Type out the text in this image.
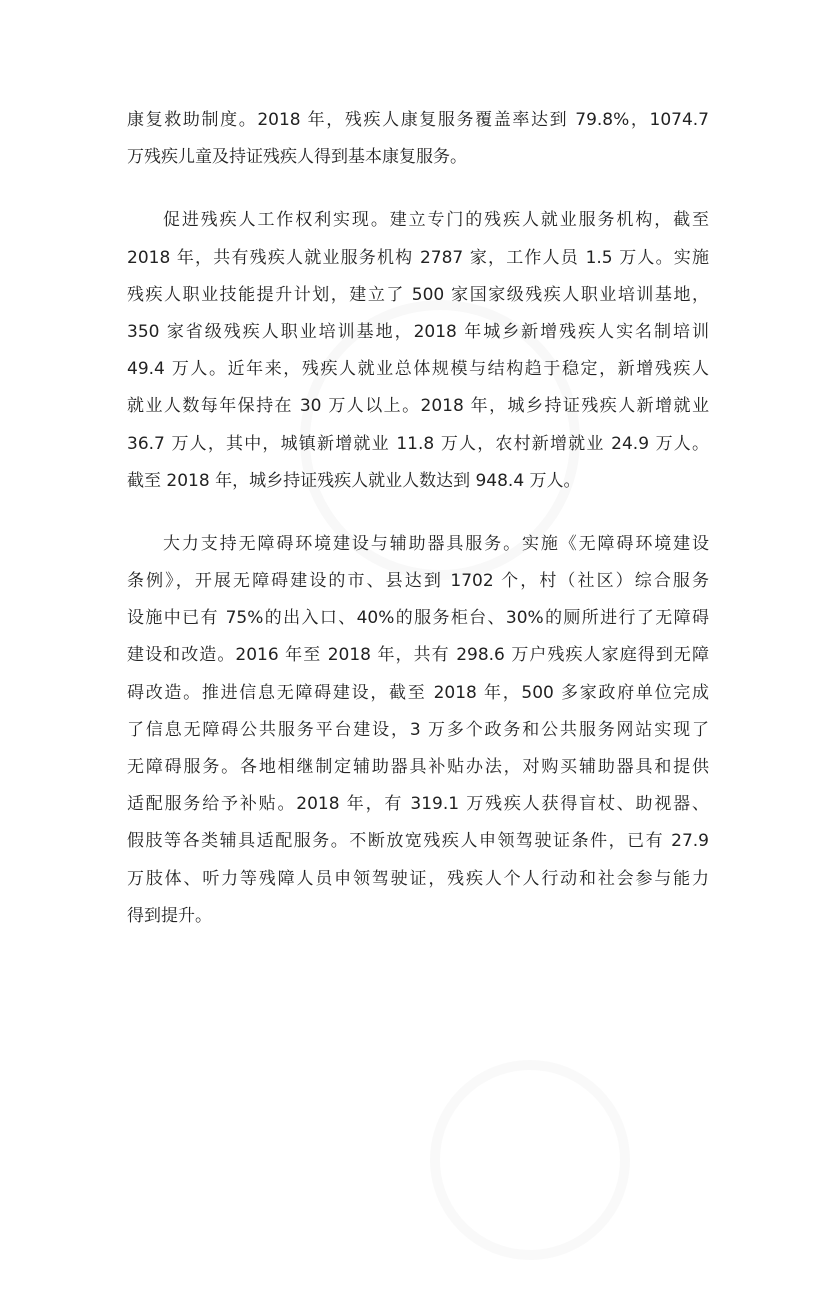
康复救助制度。2018 年，残疾人康复服务覆盖率达到 79.8%，1074.7
万残疾儿童及持证残疾人得到基本康复服务。
促进残疾人工作权利实现。建立专门的残疾人就业服务机构，截至
2018 年，共有残疾人就业服务机构 2787 家，工作人员 1.5 万人。实施
残疾人职业技能提升计划，建立了 500 家国家级残疾人职业培训基地，
350 家省级残疾人职业培训基地，2018 年城乡新增残疾人实名制培训
49.4 万人。近年来，残疾人就业总体规模与结构趋于稳定，新增残疾人
就业人数每年保持在 30 万人以上。2018 年，城乡持证残疾人新增就业
36.7 万人，其中，城镇新增就业 11.8 万人，农村新增就业 24.9 万人。
截至 2018 年，城乡持证残疾人就业人数达到 948.4 万人。
大力支持无障碍环境建设与辅助器具服务。实施《无障碍环境建设
条例》，开展无障碍建设的市、县达到 1702 个，村（社区）综合服务
设施中已有 75%的出入口、40%的服务柜台、30%的厕所进行了无障碍
建设和改造。2016 年至 2018 年，共有 298.6 万户残疾人家庭得到无障
碍改造。推进信息无障碍建设，截至 2018 年，500 多家政府单位完成
了信息无障碍公共服务平台建设，3 万多个政务和公共服务网站实现了
无障碍服务。各地相继制定辅助器具补贴办法，对购买辅助器具和提供
适配服务给予补贴。2018 年，有 319.1 万残疾人获得盲杖、助视器、
假肢等各类辅具适配服务。不断放宽残疾人申领驾驶证条件，已有 27.9
万肢体、听力等残障人员申领驾驶证，残疾人个人行动和社会参与能力
得到提升。
